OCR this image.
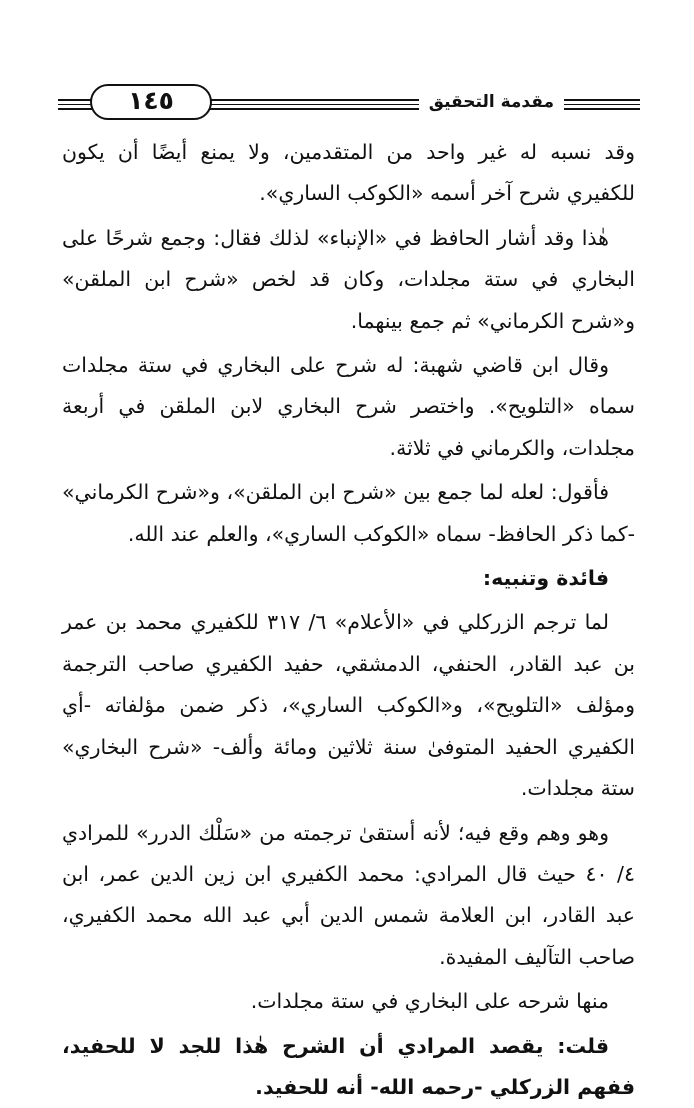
١٤٥	مقدمة التحقيق

وقد نسبه له غير واحد من المتقدمين، ولا يمنع أيضًا أن يكون للكفيري شرح آخر أسمه «الكوكب الساري».

هٰذا وقد أشار الحافظ في «الإنباء» لذلك فقال: وجمع شرحًا على البخاري في ستة مجلدات، وكان قد لخص «شرح ابن الملقن» و«شرح الكرماني» ثم جمع بينهما.

وقال ابن قاضي شهبة: له شرح على البخاري في ستة مجلدات سماه «التلويح». واختصر شرح البخاري لابن الملقن في أربعة مجلدات، والكرماني في ثلاثة.

فأقول: لعله لما جمع بين «شرح ابن الملقن»، و«شرح الكرماني» -كما ذكر الحافظ- سماه «الكوكب الساري»، والعلم عند الله.

فائدة وتنبيه:

لما ترجم الزركلي في «الأعلام» ٦/ ٣١٧ للكفيري محمد بن عمر بن عبد القادر، الحنفي، الدمشقي، حفيد الكفيري صاحب الترجمة ومؤلف «التلويح»، و«الكوكب الساري»، ذكر ضمن مؤلفاته -أي الكفيري الحفيد المتوفىٰ سنة ثلاثين ومائة وألف- «شرح البخاري» ستة مجلدات.

وهو وهم وقع فيه؛ لأنه أستقىٰ ترجمته من «سَلْك الدرر» للمرادي ٤/ ٤٠ حيث قال المرادي: محمد الكفيري ابن زين الدين عمر، ابن عبد القادر، ابن العلامة شمس الدين أبي عبد الله محمد الكفيري، صاحب التآليف المفيدة.

منها شرحه على البخاري في ستة مجلدات.

قلت: يقصد المرادي أن الشرح هٰذا للجد لا للحفيد، ففهم الزركلي -رحمه الله- أنه للحفيد.
